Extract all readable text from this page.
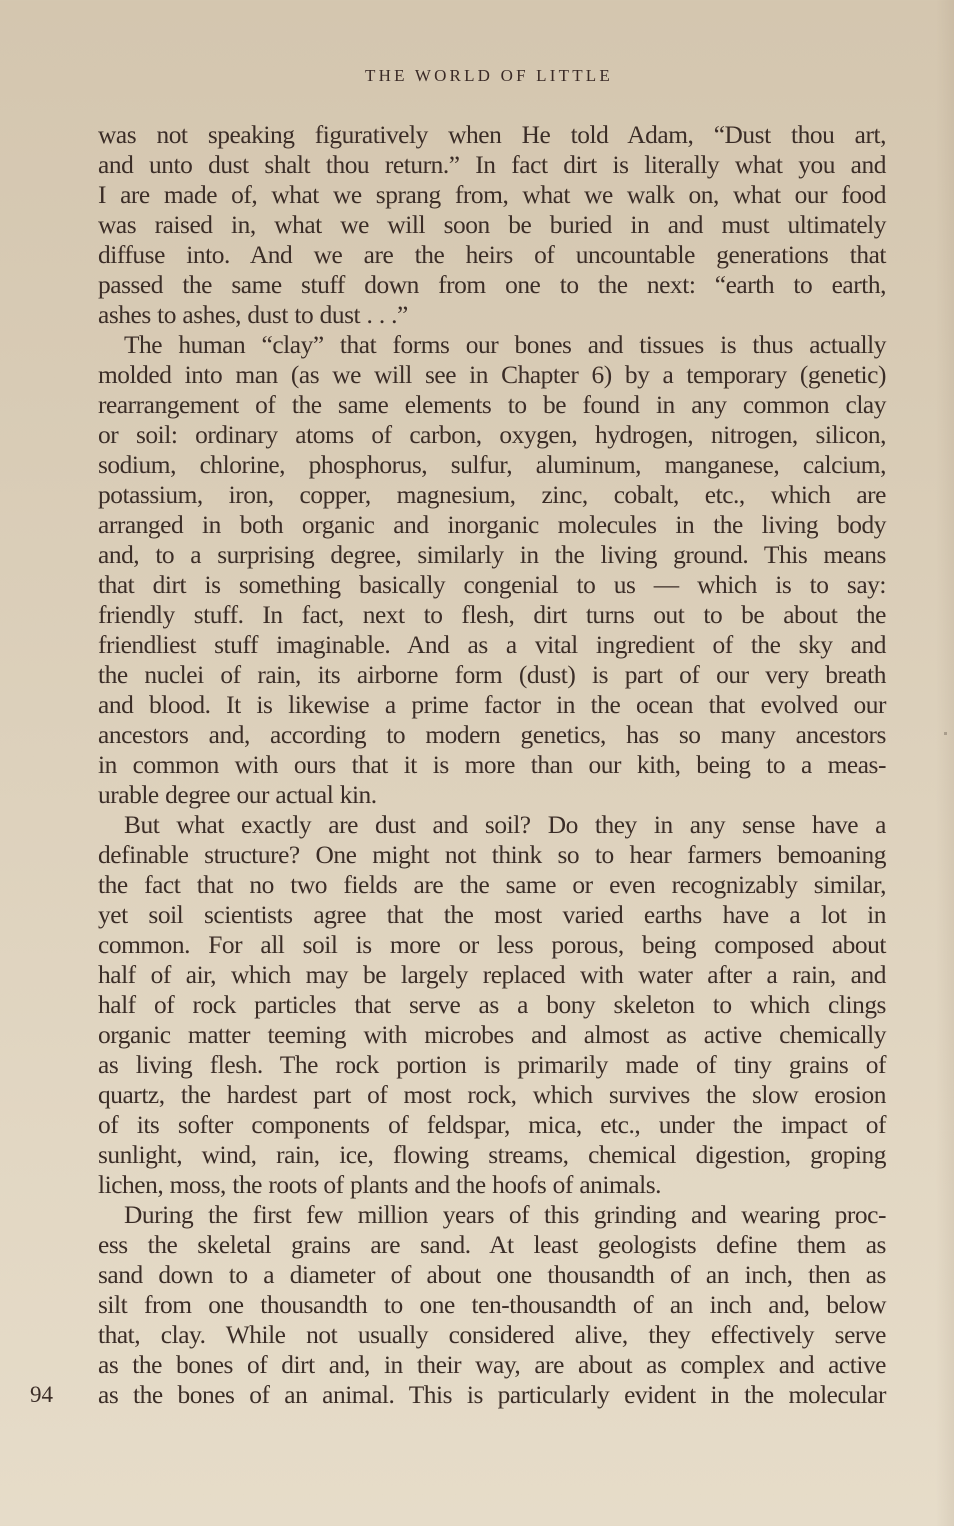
THE WORLD OF LITTLE

was not speaking figuratively when He told Adam, “Dust thou art,
and unto dust shalt thou return.” In fact dirt is literally what you and
I are made of, what we sprang from, what we walk on, what our food
was raised in, what we will soon be buried in and must ultimately
diffuse into. And we are the heirs of uncountable generations that
passed the same stuff down from one to the next: “earth to earth,
ashes to ashes, dust to dust . . .”

The human “clay” that forms our bones and tissues is thus actually
molded into man (as we will see in Chapter 6) by a temporary (genetic)
rearrangement of the same elements to be found in any common clay
or soil: ordinary atoms of carbon, oxygen, hydrogen, nitrogen, silicon,
sodium, chlorine, phosphorus, sulfur, aluminum, manganese, calcium,
potassium, iron, copper, magnesium, zinc, cobalt, etc., which are
arranged in both organic and inorganic molecules in the living body
and, to a surprising degree, similarly in the living ground. This means
that dirt is something basically congenial to us — which is to say:
friendly stuff. In fact, next to flesh, dirt turns out to be about the
friendliest stuff imaginable. And as a vital ingredient of the sky and
the nuclei of rain, its airborne form (dust) is part of our very breath
and blood. It is likewise a prime factor in the ocean that evolved our
ancestors and, according to modern genetics, has so many ancestors
in common with ours that it is more than our kith, being to a meas-
urable degree our actual kin.

But what exactly are dust and soil? Do they in any sense have a
definable structure? One might not think so to hear farmers bemoaning
the fact that no two fields are the same or even recognizably similar,
yet soil scientists agree that the most varied earths have a lot in
common. For all soil is more or less porous, being composed about
half of air, which may be largely replaced with water after a rain, and
half of rock particles that serve as a bony skeleton to which clings
organic matter teeming with microbes and almost as active chemically
as living flesh. The rock portion is primarily made of tiny grains of
quartz, the hardest part of most rock, which survives the slow erosion
of its softer components of feldspar, mica, etc., under the impact of
sunlight, wind, rain, ice, flowing streams, chemical digestion, groping
lichen, moss, the roots of plants and the hoofs of animals.

During the first few million years of this grinding and wearing proc-
ess the skeletal grains are sand. At least geologists define them as
sand down to a diameter of about one thousandth of an inch, then as
silt from one thousandth to one ten-thousandth of an inch and, below
that, clay. While not usually considered alive, they effectively serve
as the bones of dirt and, in their way, are about as complex and active
as the bones of an animal. This is particularly evident in the molecular

94
